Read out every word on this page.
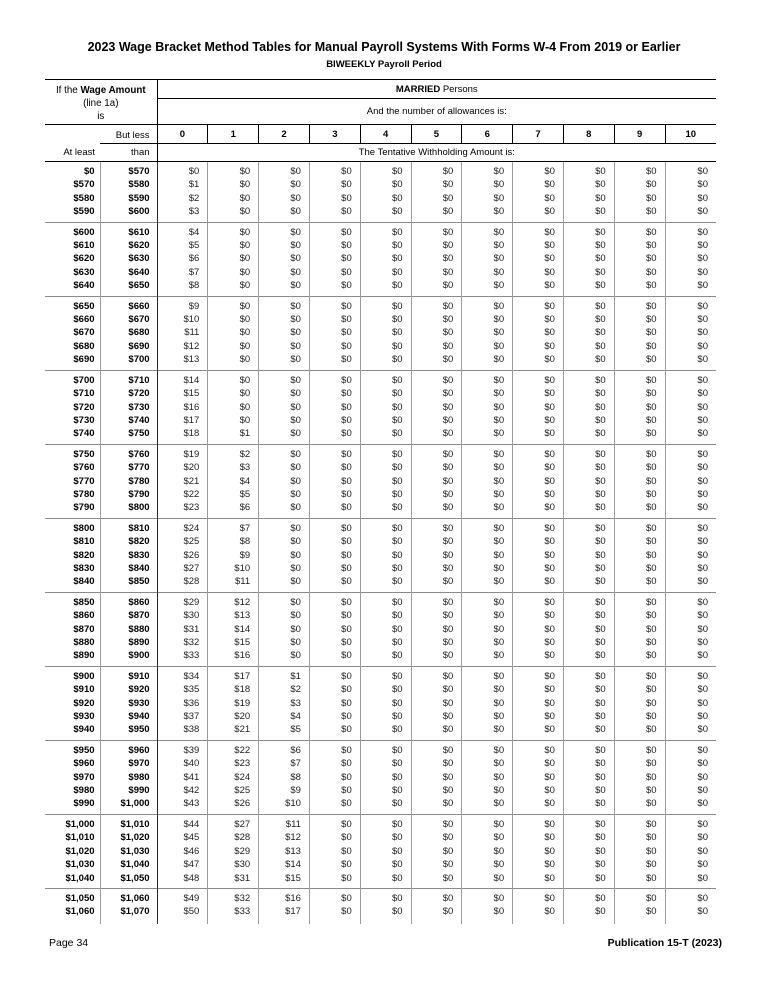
2023 Wage Bracket Method Tables for Manual Payroll Systems With Forms W-4 From 2019 or Earlier
BIWEEKLY Payroll Period
If the Wage Amount
(line 1a)
is		MARRIED Persons										
		And the number of allowances is:										

But less
At least than		0	1	2	3	4	5	6	7	8	9	10
		The Tentative Withholding Amount is:										
$0	$570	$0	$0	$0	$0	$0	$0	$0	$0	$0	$0	$0
$570	$580	$1	$0	$0	$0	$0	$0	$0	$0	$0	$0	$0
$580	$590	$2	$0	$0	$0	$0	$0	$0	$0	$0	$0	$0
$590	$600	$3	$0	$0	$0	$0	$0	$0	$0	$0	$0	$0
$600	$610	$4	$0	$0	$0	$0	$0	$0	$0	$0	$0	$0
$610	$620	$5	$0	$0	$0	$0	$0	$0	$0	$0	$0	$0
$620	$630	$6	$0	$0	$0	$0	$0	$0	$0	$0	$0	$0
$630	$640	$7	$0	$0	$0	$0	$0	$0	$0	$0	$0	$0
$640	$650	$8	$0	$0	$0	$0	$0	$0	$0	$0	$0	$0
$650	$660	$9	$0	$0	$0	$0	$0	$0	$0	$0	$0	$0
$660	$670	$10	$0	$0	$0	$0	$0	$0	$0	$0	$0	$0
$670	$680	$11	$0	$0	$0	$0	$0	$0	$0	$0	$0	$0
$680	$690	$12	$0	$0	$0	$0	$0	$0	$0	$0	$0	$0
$690	$700	$13	$0	$0	$0	$0	$0	$0	$0	$0	$0	$0
$700	$710	$14	$0	$0	$0	$0	$0	$0	$0	$0	$0	$0
$710	$720	$15	$0	$0	$0	$0	$0	$0	$0	$0	$0	$0
$720	$730	$16	$0	$0	$0	$0	$0	$0	$0	$0	$0	$0
$730	$740	$17	$0	$0	$0	$0	$0	$0	$0	$0	$0	$0
$740	$750	$18	$1	$0	$0	$0	$0	$0	$0	$0	$0	$0
$750	$760	$19	$2	$0	$0	$0	$0	$0	$0	$0	$0	$0
$760	$770	$20	$3	$0	$0	$0	$0	$0	$0	$0	$0	$0
$770	$780	$21	$4	$0	$0	$0	$0	$0	$0	$0	$0	$0
$780	$790	$22	$5	$0	$0	$0	$0	$0	$0	$0	$0	$0
$790	$800	$23	$6	$0	$0	$0	$0	$0	$0	$0	$0	$0
$800	$810	$24	$7	$0	$0	$0	$0	$0	$0	$0	$0	$0
$810	$820	$25	$8	$0	$0	$0	$0	$0	$0	$0	$0	$0
$820	$830	$26	$9	$0	$0	$0	$0	$0	$0	$0	$0	$0
$830	$840	$27	$10	$0	$0	$0	$0	$0	$0	$0	$0	$0
$840	$850	$28	$11	$0	$0	$0	$0	$0	$0	$0	$0	$0
$850	$860	$29	$12	$0	$0	$0	$0	$0	$0	$0	$0	$0
$860	$870	$30	$13	$0	$0	$0	$0	$0	$0	$0	$0	$0
$870	$880	$31	$14	$0	$0	$0	$0	$0	$0	$0	$0	$0
$880	$890	$32	$15	$0	$0	$0	$0	$0	$0	$0	$0	$0
$890	$900	$33	$16	$0	$0	$0	$0	$0	$0	$0	$0	$0
$900	$910	$34	$17	$1	$0	$0	$0	$0	$0	$0	$0	$0
$910	$920	$35	$18	$2	$0	$0	$0	$0	$0	$0	$0	$0
$920	$930	$36	$19	$3	$0	$0	$0	$0	$0	$0	$0	$0
$930	$940	$37	$20	$4	$0	$0	$0	$0	$0	$0	$0	$0
$940	$950	$38	$21	$5	$0	$0	$0	$0	$0	$0	$0	$0
$950	$960	$39	$22	$6	$0	$0	$0	$0	$0	$0	$0	$0
$960	$970	$40	$23	$7	$0	$0	$0	$0	$0	$0	$0	$0
$970	$980	$41	$24	$8	$0	$0	$0	$0	$0	$0	$0	$0
$980	$990	$42	$25	$9	$0	$0	$0	$0	$0	$0	$0	$0
$990	$1,000	$43	$26	$10	$0	$0	$0	$0	$0	$0	$0	$0
$1,000	$1,010	$44	$27	$11	$0	$0	$0	$0	$0	$0	$0	$0
$1,010	$1,020	$45	$28	$12	$0	$0	$0	$0	$0	$0	$0	$0
$1,020	$1,030	$46	$29	$13	$0	$0	$0	$0	$0	$0	$0	$0
$1,030	$1,040	$47	$30	$14	$0	$0	$0	$0	$0	$0	$0	$0
$1,040	$1,050	$48	$31	$15	$0	$0	$0	$0	$0	$0	$0	$0
$1,050	$1,060	$49	$32	$16	$0	$0	$0	$0	$0	$0	$0	$0
$1,060	$1,070	$50	$33	$17	$0	$0	$0	$0	$0	$0	$0	$0
Page 34	Publication 15-T (2023)
